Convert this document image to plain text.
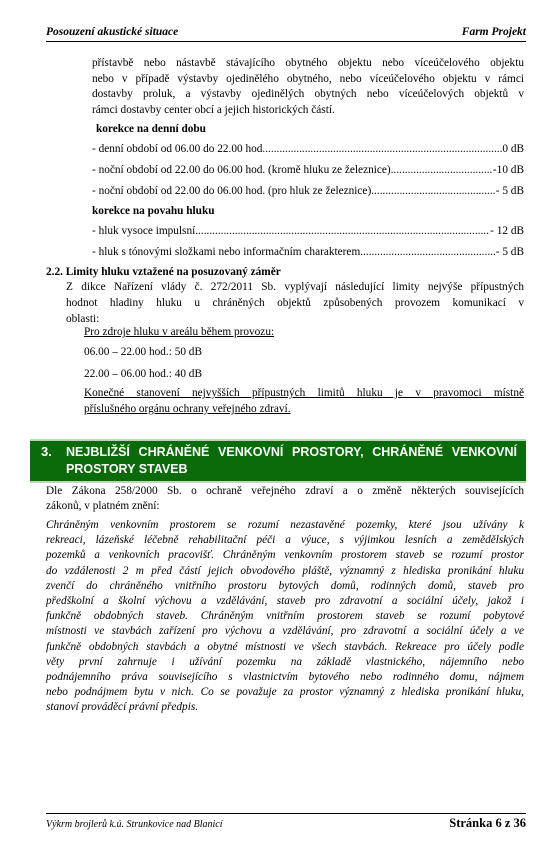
Posouzení akustické situace	Farm Projekt
přístavbě nebo nástavbě stávajícího obytného objektu nebo víceúčelového objektu
nebo v případě výstavby ojedinělého obytného, nebo víceúčelového objektu v rámci
dostavby proluk, a výstavby ojedinělých obytných nebo víceúčelových objektů v
rámci dostavby center obcí a jejich historických částí.
korekce na denní dobu
- denní období od 06.00 do 22.00 hod. .....	0 dB
- noční období od 22.00 do 06.00 hod. (kromě hluku ze železnice) .....	-10 dB
- noční období od 22.00 do 06.00 hod. (pro hluk ze železnice) .....	- 5 dB
korekce na povahu hluku
- hluk vysoce impulsní .....	- 12 dB
- hluk s tónovými složkami nebo informačním charakterem .....	- 5 dB
2.2. Limity hluku vztažené na posuzovaný záměr
Z dikce Nařízení vlády č. 272/2011 Sb. vyplývají následující limity nejvýše přípustných
hodnot hladiny hluku u chráněných objektů způsobených provozem komunikací v
oblasti:
Pro zdroje hluku v areálu během provozu:
06.00 – 22.00 hod.: 50 dB
22.00 – 06.00 hod.: 40 dB
Konečné stanovení nejvyšších přípustných limitů hluku je v pravomoci místně
příslušného orgánu ochrany veřejného zdraví.
3. NEJBLIŽŠÍ CHRÁNĚNÉ VENKOVNÍ PROSTORY, CHRÁNĚNÉ VENKOVNÍ PROSTORY STAVEB
Dle Zákona 258/2000 Sb. o ochraně veřejného zdraví a o změně některých souvisejících
zákonů, v platném znění:
Chráněným venkovním prostorem se rozumí nezastavěné pozemky, které jsou užívány k
rekreaci, lázeňské léčebně rehabilitační péči a výuce, s výjimkou lesních a zemědělských
pozemků a venkovních pracovišť. Chráněným venkovním prostorem staveb se rozumí prostor
do vzdálenosti 2 m před částí jejich obvodového pláště, významný z hlediska pronikání hluku
zvenčí do chráněného vnitřního prostoru bytových domů, rodinných domů, staveb pro
předškolní a školní výchovu a vzdělávání, staveb pro zdravotní a sociální účely, jakož i
funkčně obdobných staveb. Chráněným vnitřním prostorem staveb se rozumí pobytové
místnosti ve stavbách zařízení pro výchovu a vzdělávání, pro zdravotní a sociální účely a ve
funkčně obdobných stavbách a obytné místnosti ve všech stavbách. Rekreace pro účely podle
věty první zahrnuje i užívání pozemku na základě vlastnického, nájemního nebo
podnájemního práva souvisejícího s vlastnictvím bytového nebo rodinného domu, nájmem
nebo podnájmem bytu v nich. Co se považuje za prostor významný z hlediska pronikání hluku,
stanoví prováděcí právní předpis.
Výkrm brojlerů k.ú. Strunkovice nad Blanicí	Stránka 6 z 36
